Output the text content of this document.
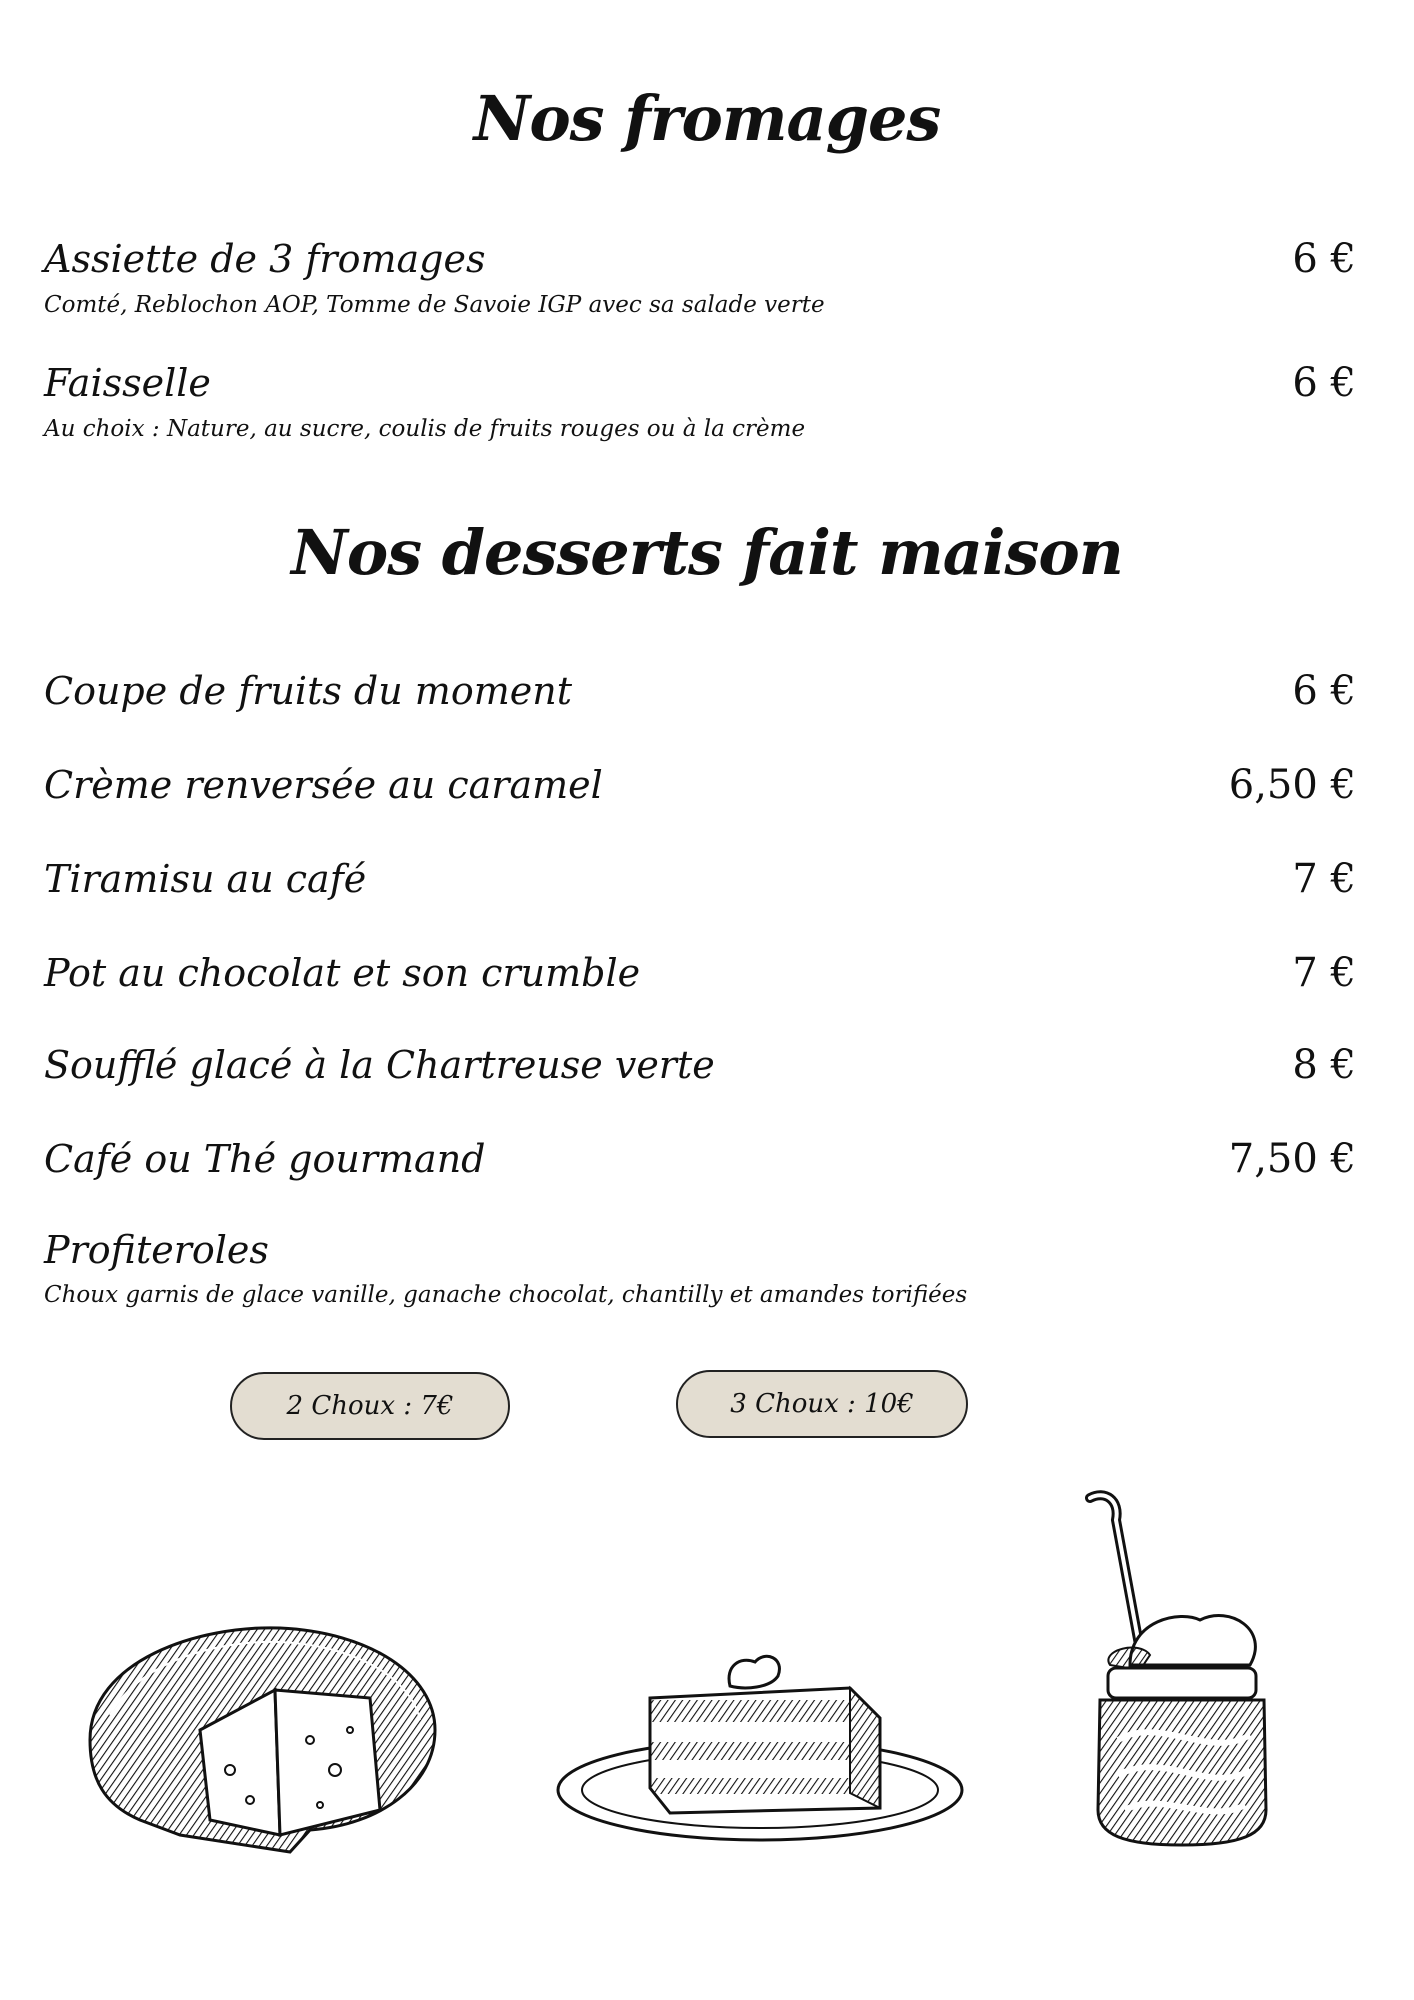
Nos fromages
Assiette de 3 fromages	6 €
Comté, Reblochon AOP, Tomme de Savoie IGP avec sa salade verte
Faisselle	6 €
Au choix : Nature, au sucre, coulis de fruits rouges ou à la crème
Nos desserts fait maison
Coupe de fruits du moment	6 €
Crème renversée au caramel	6,50 €
Tiramisu au café	7 €
Pot au chocolat et son crumble	7 €
Soufflé glacé à la Chartreuse verte	8 €
Café ou Thé gourmand	7,50 €
Profiteroles
Choux garnis de glace vanille, ganache chocolat, chantilly et amandes torifiées
2 Choux : 7€	3 Choux : 10€
